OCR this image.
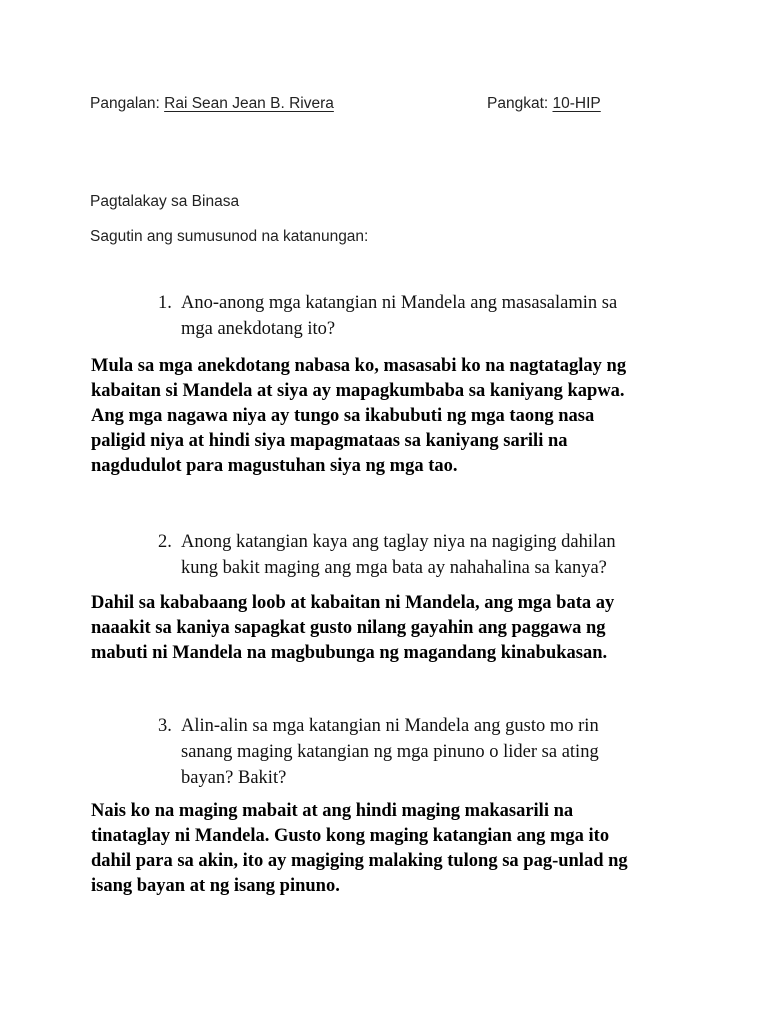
Pangalan: Rai Sean Jean B. Rivera	Pangkat: 10-HIP
Pagtalakay sa Binasa
Sagutin ang sumusunod na katanungan:
1. Ano-anong mga katangian ni Mandela ang masasalamin sa
mga anekdotang ito?
Mula sa mga anekdotang nabasa ko, masasabi ko na nagtataglay ng
kabaitan si Mandela at siya ay mapagkumbaba sa kaniyang kapwa.
Ang mga nagawa niya ay tungo sa ikabubuti ng mga taong nasa
paligid niya at hindi siya mapagmataas sa kaniyang sarili na
nagdudulot para magustuhan siya ng mga tao.
2. Anong katangian kaya ang taglay niya na nagiging dahilan
kung bakit maging ang mga bata ay nahahalina sa kanya?
Dahil sa kababaang loob at kabaitan ni Mandela, ang mga bata ay
naaakit sa kaniya sapagkat gusto nilang gayahin ang paggawa ng
mabuti ni Mandela na magbubunga ng magandang kinabukasan.
3. Alin-alin sa mga katangian ni Mandela ang gusto mo rin
sanang maging katangian ng mga pinuno o lider sa ating
bayan? Bakit?
Nais ko na maging mabait at ang hindi maging makasarili na
tinataglay ni Mandela. Gusto kong maging katangian ang mga ito
dahil para sa akin, ito ay magiging malaking tulong sa pag-unlad ng
isang bayan at ng isang pinuno.
